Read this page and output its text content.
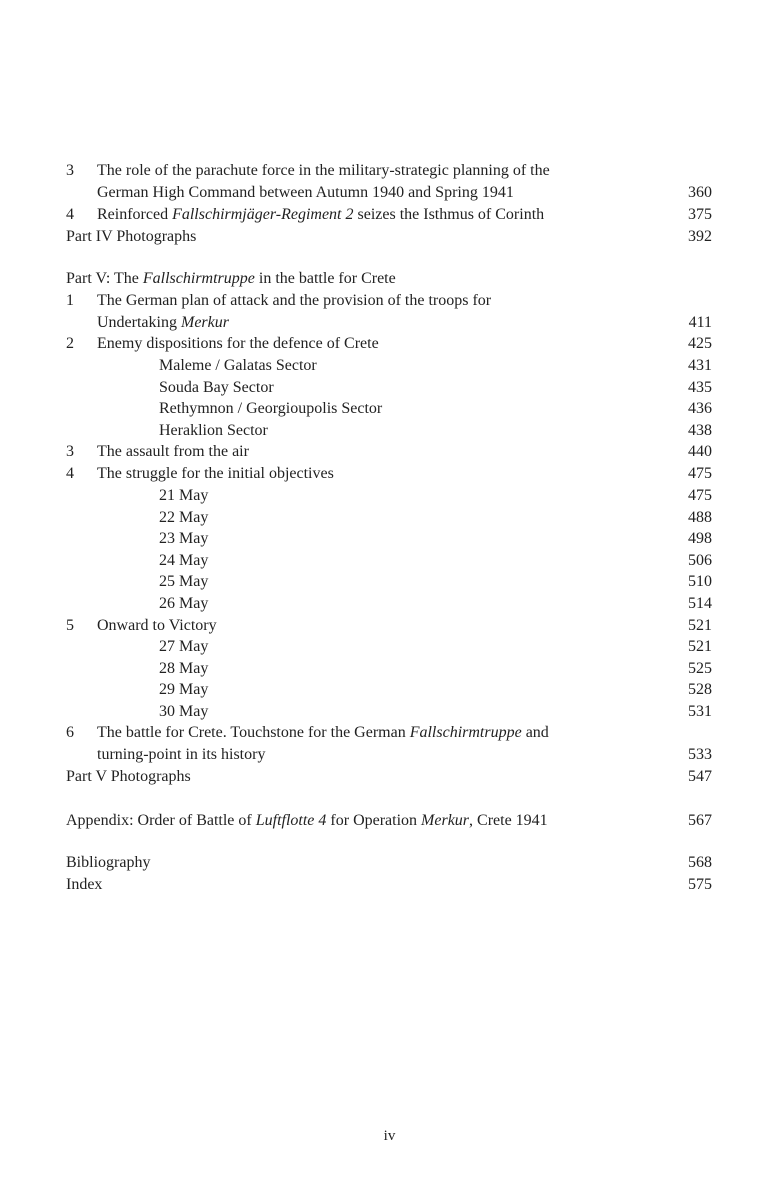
3	The role of the parachute force in the military-strategic planning of the
German High Command between Autumn 1940 and Spring 1941	360
4	Reinforced Fallschirmjäger-Regiment 2 seizes the Isthmus of Corinth	375
Part IV Photographs	392
Part V: The Fallschirmtruppe in the battle for Crete
1	The German plan of attack and the provision of the troops for
Undertaking Merkur	411
2	Enemy dispositions for the defence of Crete	425
Maleme / Galatas Sector	431
Souda Bay Sector	435
Rethymnon / Georgioupolis Sector	436
Heraklion Sector	438
3	The assault from the air	440
4	The struggle for the initial objectives	475
21 May	475
22 May	488
23 May	498
24 May	506
25 May	510
26 May	514
5	Onward to Victory	521
27 May	521
28 May	525
29 May	528
30 May	531
6	The battle for Crete. Touchstone for the German Fallschirmtruppe and
turning-point in its history	533
Part V Photographs	547
Appendix: Order of Battle of Luftflotte 4 for Operation Merkur, Crete 1941	567
Bibliography	568
Index	575
iv
